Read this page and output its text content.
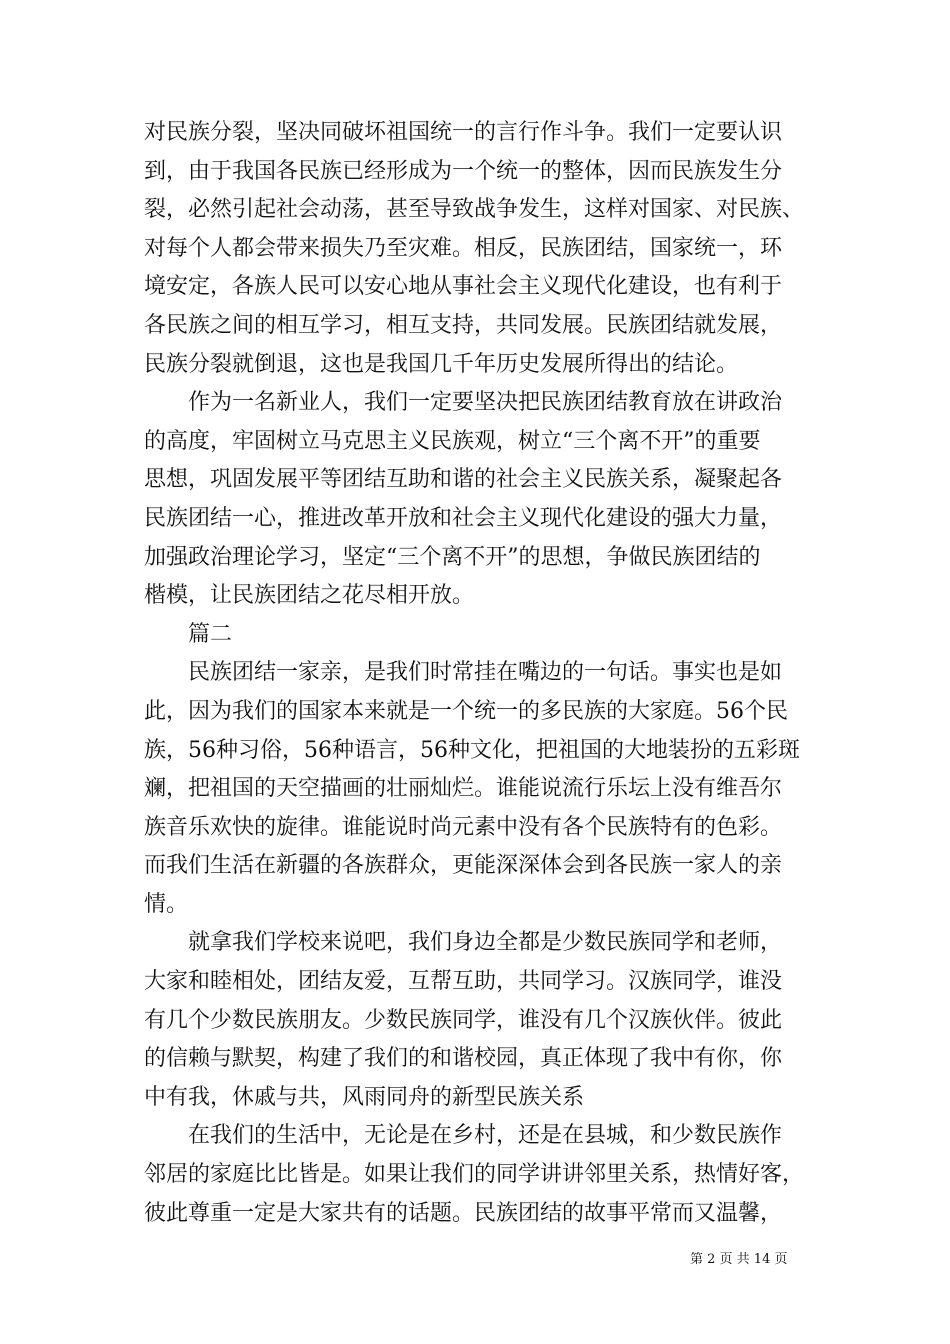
对民族分裂，坚决同破坏祖国统一的言行作斗争。我们一定要认识
到，由于我国各民族已经形成为一个统一的整体，因而民族发生分
裂，必然引起社会动荡，甚至导致战争发生，这样对国家、对民族、
对每个人都会带来损失乃至灾难。相反，民族团结，国家统一，环
境安定，各族人民可以安心地从事社会主义现代化建设，也有利于
各民族之间的相互学习，相互支持，共同发展。民族团结就发展，
民族分裂就倒退，这也是我国几千年历史发展所得出的结论。
作为一名新业人，我们一定要坚决把民族团结教育放在讲政治
的高度，牢固树立马克思主义民族观，树立“三个离不开”的重要
思想，巩固发展平等团结互助和谐的社会主义民族关系，凝聚起各
民族团结一心，推进改革开放和社会主义现代化建设的强大力量，
加强政治理论学习，坚定“三个离不开”的思想，争做民族团结的
楷模，让民族团结之花尽相开放。
篇二
民族团结一家亲，是我们时常挂在嘴边的一句话。事实也是如
此，因为我们的国家本来就是一个统一的多民族的大家庭。56个民
族，56种习俗，56种语言，56种文化，把祖国的大地装扮的五彩斑
斓，把祖国的天空描画的壮丽灿烂。谁能说流行乐坛上没有维吾尔
族音乐欢快的旋律。谁能说时尚元素中没有各个民族特有的色彩。
而我们生活在新疆的各族群众，更能深深体会到各民族一家人的亲
情。
就拿我们学校来说吧，我们身边全都是少数民族同学和老师，
大家和睦相处，团结友爱，互帮互助，共同学习。汉族同学，谁没
有几个少数民族朋友。少数民族同学，谁没有几个汉族伙伴。彼此
的信赖与默契，构建了我们的和谐校园，真正体现了我中有你，你
中有我，休戚与共，风雨同舟的新型民族关系
在我们的生活中，无论是在乡村，还是在县城，和少数民族作
邻居的家庭比比皆是。如果让我们的同学讲讲邻里关系，热情好客，
彼此尊重一定是大家共有的话题。民族团结的故事平常而又温馨，
第 2 页 共 14 页
